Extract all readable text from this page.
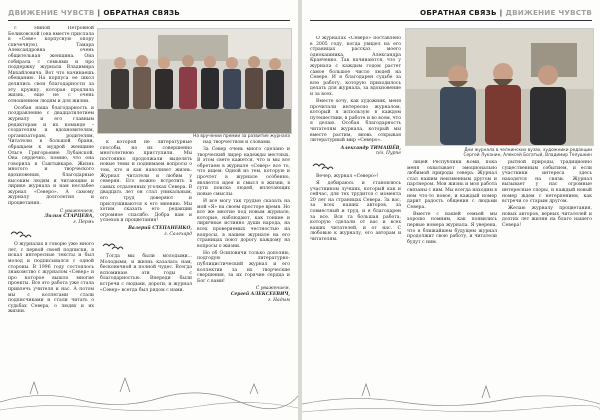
ДВИЖЕНИЕ ЧУВСТВ | ОБРАТНАЯ СВЯЗЬ
На вручении премии за развитие журнала

с Ниной Петровной Беликовской (она вместе прислала в «Севе» корпусную опору спичечную). Тамара Александровна очень общительная женщина. Она собирала с семьями и про поддержку журнала Владимира Михайловича. Вот что начинаешь обещанию. На корпуса ее школ делились свои благодарности за эту кружку, которая продлила жизнь, еще не с очень отношением людям и для жизни.

Особая наша благодарность и поздравление с двадцатилетием журналу и его главным редакторам и их команде – создателям и вдохновителям, организаторам, родителям, Читателю в большой брани, обращаем к мудрой женщине Ольге Григорьевне Лубанской. Она сердечно, помню, что она говорила в Сыктывкаре. Жизнь многого и творческого вдохновения, благодарные высоким людям и читающим и лирике журнала и нам неслабее журнал «Северо». А самому журналу долголетия и процветания.

С уважением,
Лилия СТАРЦЕВА,
г. Пермь

О журналах я говорю уже много лет, с первой своей подписки, я искал интересные тексты и был молод и подписывался с одной стороны. В 1996 году состоялось знакомство с журналом «Север» и про которое вышло многие проекты. Все это работа уже стала привлечь учителя и нас. А потом мы с коллегами стали подписчиками и стали читать о судьбах Севера, о людях и их жизни.

к которой не литературные способы, но их совершенно многолетнюю приступили. Мы постоянно продолжали выделять новые темы и поднимаем вопросы о том, кто и как наполняет жизнь. Журнал читатели и любим у северян. Его можно встретить в самых отдаленных уголках Севера. В двадцать лет он стал уникальным, его труд доверяют и прислушиваются к его мнению. Мы хотим сказать его редакции огромное спасибо. Добра вам и успехов и процветания!

Валерий СТЕПАНЕНКО,
г. Салехард

Тогда мы были молодыми... Молодыми, и жизнь казалась нам, бесконечной и полной чудес. Всегда вспоминаю эти годы с благодарностью. Впереди были встречи с людьми, дороги, и журнал «Север» всегда был рядом с нами.

над творчеством и словами.

За Север очень много сделано и творческий лидер надежды местных. В этом свете кажется, что и мы все обретаем в журнале «Север» все то, что ищем. Одной из тем, которую и прочтет в журнале особенно, является идея и смысл в жизни, в сути поиска людей, вплетающих новые смыслы.

И все могу так грудью сказать на мой «Я» на своем просторе время. Но все же многие под новым журнале, которые, наблюдают, как тонкие и лиричные истинно души народа, на всех проверяемых честностью на вопросы, в нашем журнале на его страницах поют дорогу каждому на вопросы о жизни.

Но об Осиповичи только дополню, подгодую литературно-публицистический журнал и его коллектив за их творческие свершения, за их горячие сердца и Бог с вами!

С уважением,
Сергей АЛЕКСЕЕВИЧ,
г. Надым
ОБРАТНАЯ СВЯЗЬ | ДВИЖЕНИЕ ЧУВСТВ
Дни журнала в челнинских вузах, художники редакции
Сергей Луканин, Алексей Богатый, Владимир Телушкин

О журналах «Северо» поставлено в 2005 году, когда увидел на его страницах рассказ моего однокашника, Александра Кравченко. Так начинаются, что у журнала с каждым годом растет самое большое число людей на Севере. И я благодарен судьбе за всю работу, которую приходилось делать для журнала, за вдохновение и за всех.

Вместе хочу, как художник, меня прочитали интересно журналом, который я использую в каждом путешествии, в работе и во всем, что я делаю. Особая благодарность читателям журнала, который мы вместе растим, вновь открывая литературный мир «Северо».

Александр ТИМАШЁВ,
п/о. Пурпе

Вечер, журнал «Северо»!

Я добираюсь и становлюсь участником лучших, который как и сейчас, для тех трудится с момента 20 лет на страницах Севера. За вас, за всех наших авторов, за совместный и труд, и я благодарен за все. Вся та большая работа, которую сделали от вас и всех ваших читателей, и от нас. С любовью к журналу, его авторам и читателям.

лицей Республики Коми, пока меня охватывает эмоционально любимой природы севера. Журнал стал нашим неизменным другом и партнером. Моя жизнь и моя работа связаны с ним. Мы всегда находим в нем что-то новое, и каждый номер дарит радость общения с людьми Севера.

Вместе с нашей семьей мы хорошо помним, как появились первые номера журнала. Я уверена, что в ближайшем будущем журнал продолжит свою работу, и читатели будут с ним.

рытной природы, традиционно существенным событием, и если участники интереса здесь находятся на связи. Журнал вызывает у нас огромные интересные споры, и каждый новый номер ждем с нетерпением, как встречи со старым другом.

Желаю журналу процветания, новых авторов, верных читателей и долгих лет жизни на благо нашего Севера!
